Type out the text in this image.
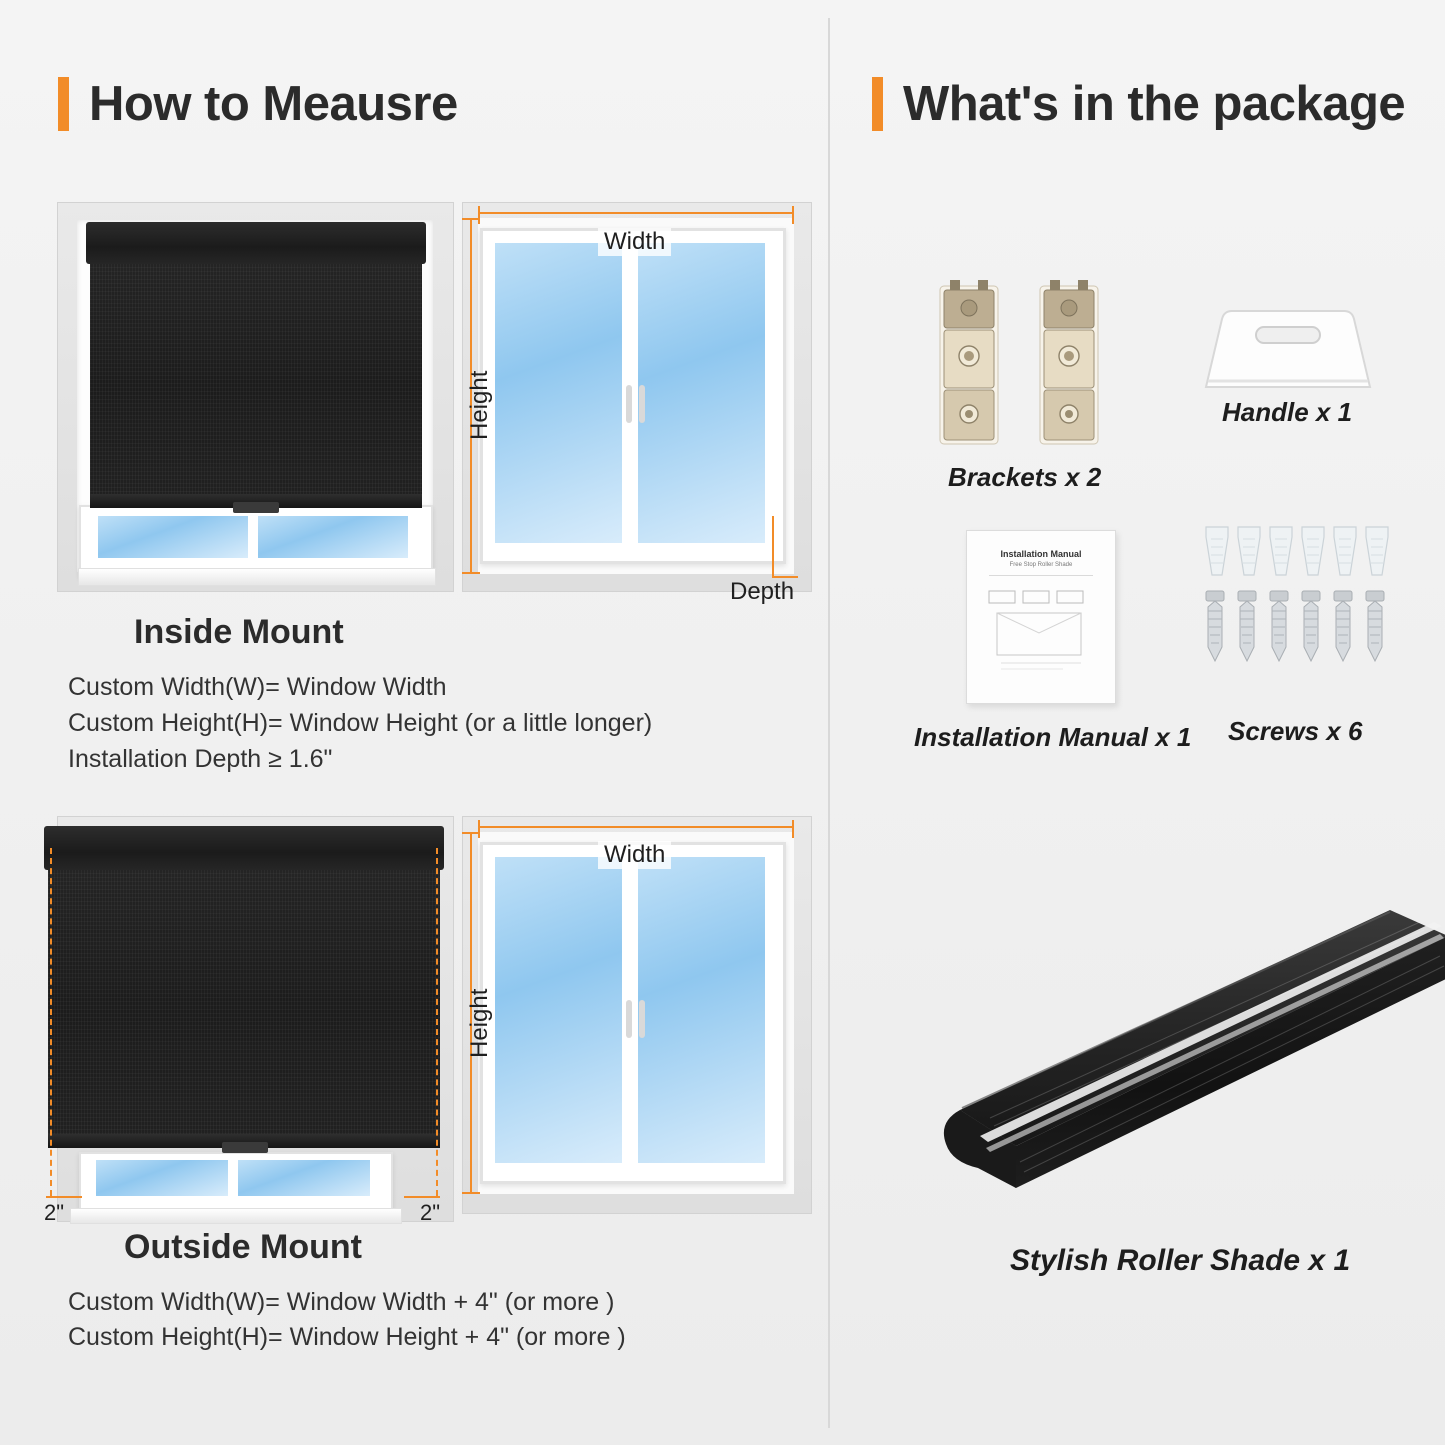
How to Meausre	What's in the package
Width
Height
Depth
Inside Mount
Custom Width(W)= Window Width
Custom Height(H)= Window Height (or a little longer)
Installation Depth ≥ 1.6"
2"	2"
Width
Height
Outside Mount
Custom Width(W)= Window Width + 4" (or more )
Custom Height(H)= Window Height + 4" (or more )
Brackets x 2
Handle x 1
Installation Manual
Free Stop Roller Shade
Installation Manual x 1 Screws x 6
Stylish Roller Shade x 1
